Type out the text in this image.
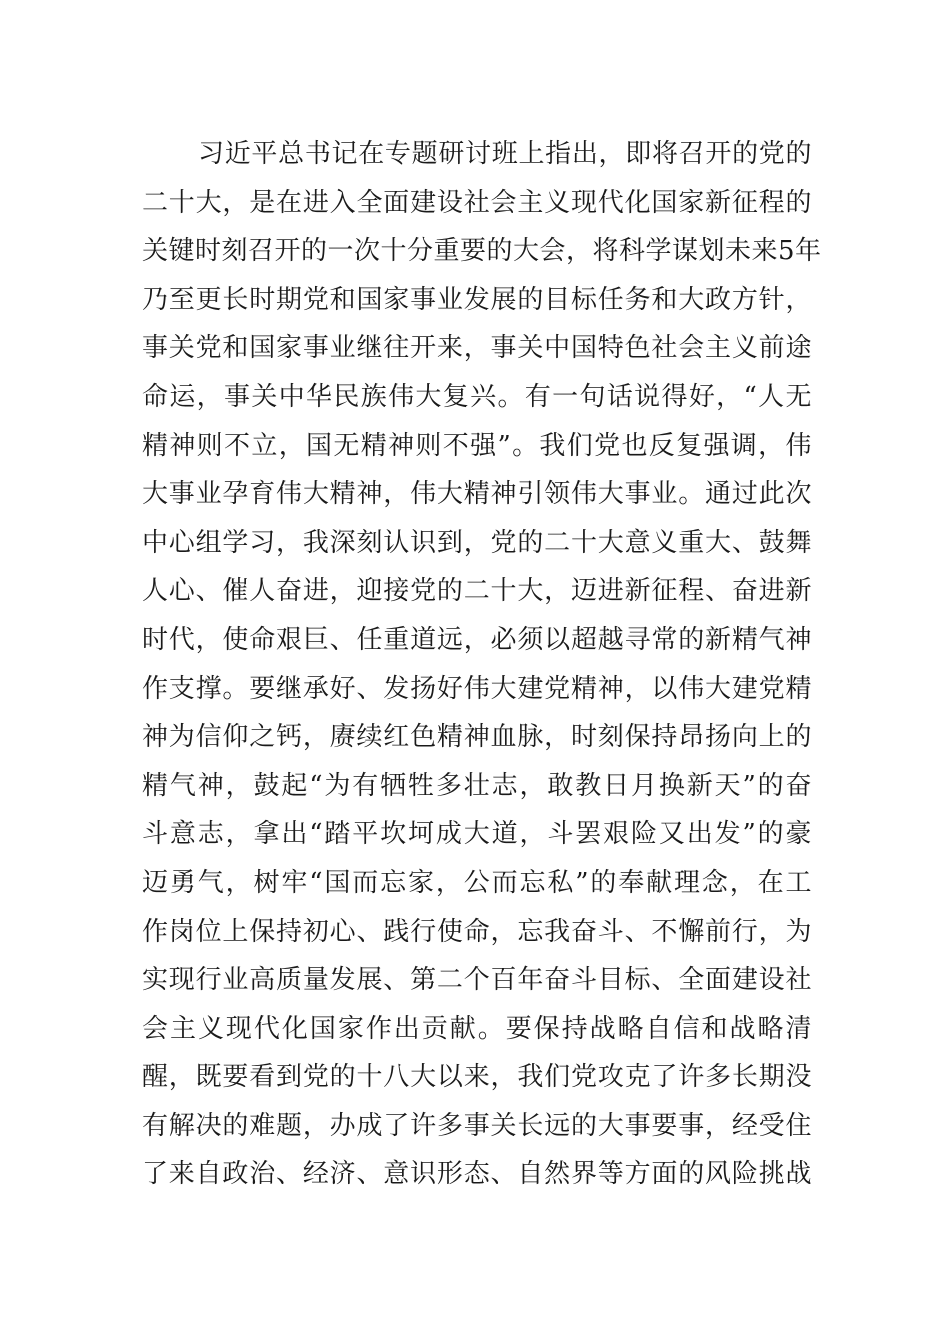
习近平总书记在专题研讨班上指出，即将召开的党的
二十大，是在进入全面建设社会主义现代化国家新征程的
关键时刻召开的一次十分重要的大会，将科学谋划未来5年
乃至更长时期党和国家事业发展的目标任务和大政方针，
事关党和国家事业继往开来，事关中国特色社会主义前途
命运，事关中华民族伟大复兴。有一句话说得好，“人无
精神则不立，国无精神则不强”。我们党也反复强调，伟
大事业孕育伟大精神，伟大精神引领伟大事业。通过此次
中心组学习，我深刻认识到，党的二十大意义重大、鼓舞
人心、催人奋进，迎接党的二十大，迈进新征程、奋进新
时代，使命艰巨、任重道远，必须以超越寻常的新精气神
作支撑。要继承好、发扬好伟大建党精神，以伟大建党精
神为信仰之钙，赓续红色精神血脉，时刻保持昂扬向上的
精气神，鼓起“为有牺牲多壮志，敢教日月换新天”的奋
斗意志，拿出“踏平坎坷成大道，斗罢艰险又出发”的豪
迈勇气，树牢“国而忘家，公而忘私”的奉献理念，在工
作岗位上保持初心、践行使命，忘我奋斗、不懈前行，为
实现行业高质量发展、第二个百年奋斗目标、全面建设社
会主义现代化国家作出贡献。要保持战略自信和战略清
醒，既要看到党的十八大以来，我们党攻克了许多长期没
有解决的难题，办成了许多事关长远的大事要事，经受住
了来自政治、经济、意识形态、自然界等方面的风险挑战
